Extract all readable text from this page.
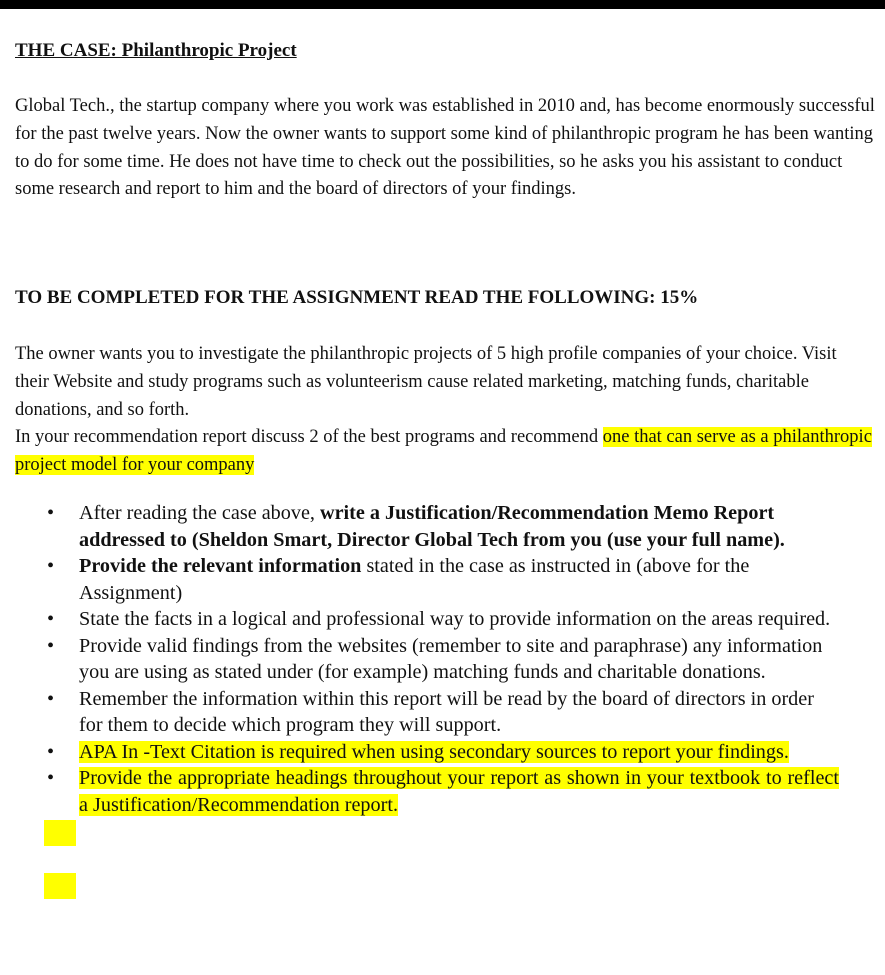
THE CASE: Philanthropic Project
Global Tech., the startup company where you work was established in 2010 and, has become enormously successful for the past twelve years. Now the owner wants to support some kind of philanthropic program he has been wanting to do for some time. He does not have time to check out the possibilities, so he asks you his assistant to conduct some research and report to him and the board of directors of your findings.
TO BE COMPLETED FOR THE ASSIGNMENT READ THE FOLLOWING: 15%
The owner wants you to investigate the philanthropic projects of 5 high profile companies of your choice. Visit their Website and study programs such as volunteerism cause related marketing, matching funds, charitable donations, and so forth.
In your recommendation report discuss 2 of the best programs and recommend one that can serve as a philanthropic project model for your company
• After reading the case above, write a Justification/Recommendation Memo Report addressed to (Sheldon Smart, Director Global Tech from you (use your full name).
• Provide the relevant information stated in the case as instructed in (above for the Assignment)
• State the facts in a logical and professional way to provide information on the areas required.
• Provide valid findings from the websites (remember to site and paraphrase) any information you are using as stated under (for example) matching funds and charitable donations.
• Remember the information within this report will be read by the board of directors in order for them to decide which program they will support.
• APA In -Text Citation is required when using secondary sources to report your findings.
• Provide the appropriate headings throughout your report as shown in your textbook to reflect a Justification/Recommendation report.
